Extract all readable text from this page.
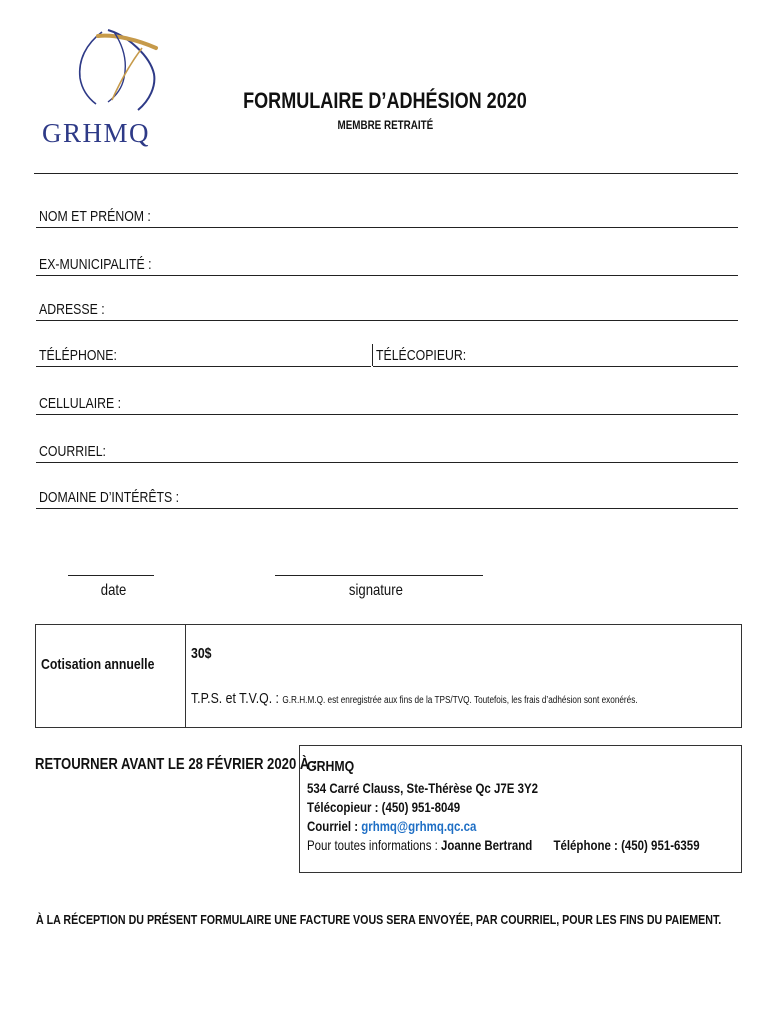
GRHMQ
FORMULAIRE D’ADHÉSION 2020
MEMBRE RETRAITÉ
NOM ET PRÉNOM :
EX-MUNICIPALITÉ :
ADRESSE :
TÉLÉPHONE:	TÉLÉCOPIEUR:
CELLULAIRE :
COURRIEL:
DOMAINE D’INTÉRÊTS :
date	signature
Cotisation annuelle
30$
T.P.S. et T.V.Q. : G.R.H.M.Q. est enregistrée aux fins de la TPS/TVQ. Toutefois, les frais d’adhésion sont exonérés.
RETOURNER AVANT LE 28 FÉVRIER 2020 À :
GRHMQ
534 Carré Clauss, Ste-Thérèse Qc J7E 3Y2
Télécopieur : (450) 951-8049
Courriel : grhmq@grhmq.qc.ca
Pour toutes informations : Joanne Bertrand Téléphone : (450) 951-6359
À LA RÉCEPTION DU PRÉSENT FORMULAIRE UNE FACTURE VOUS SERA ENVOYÉE, PAR COURRIEL, POUR LES FINS DU PAIEMENT.
